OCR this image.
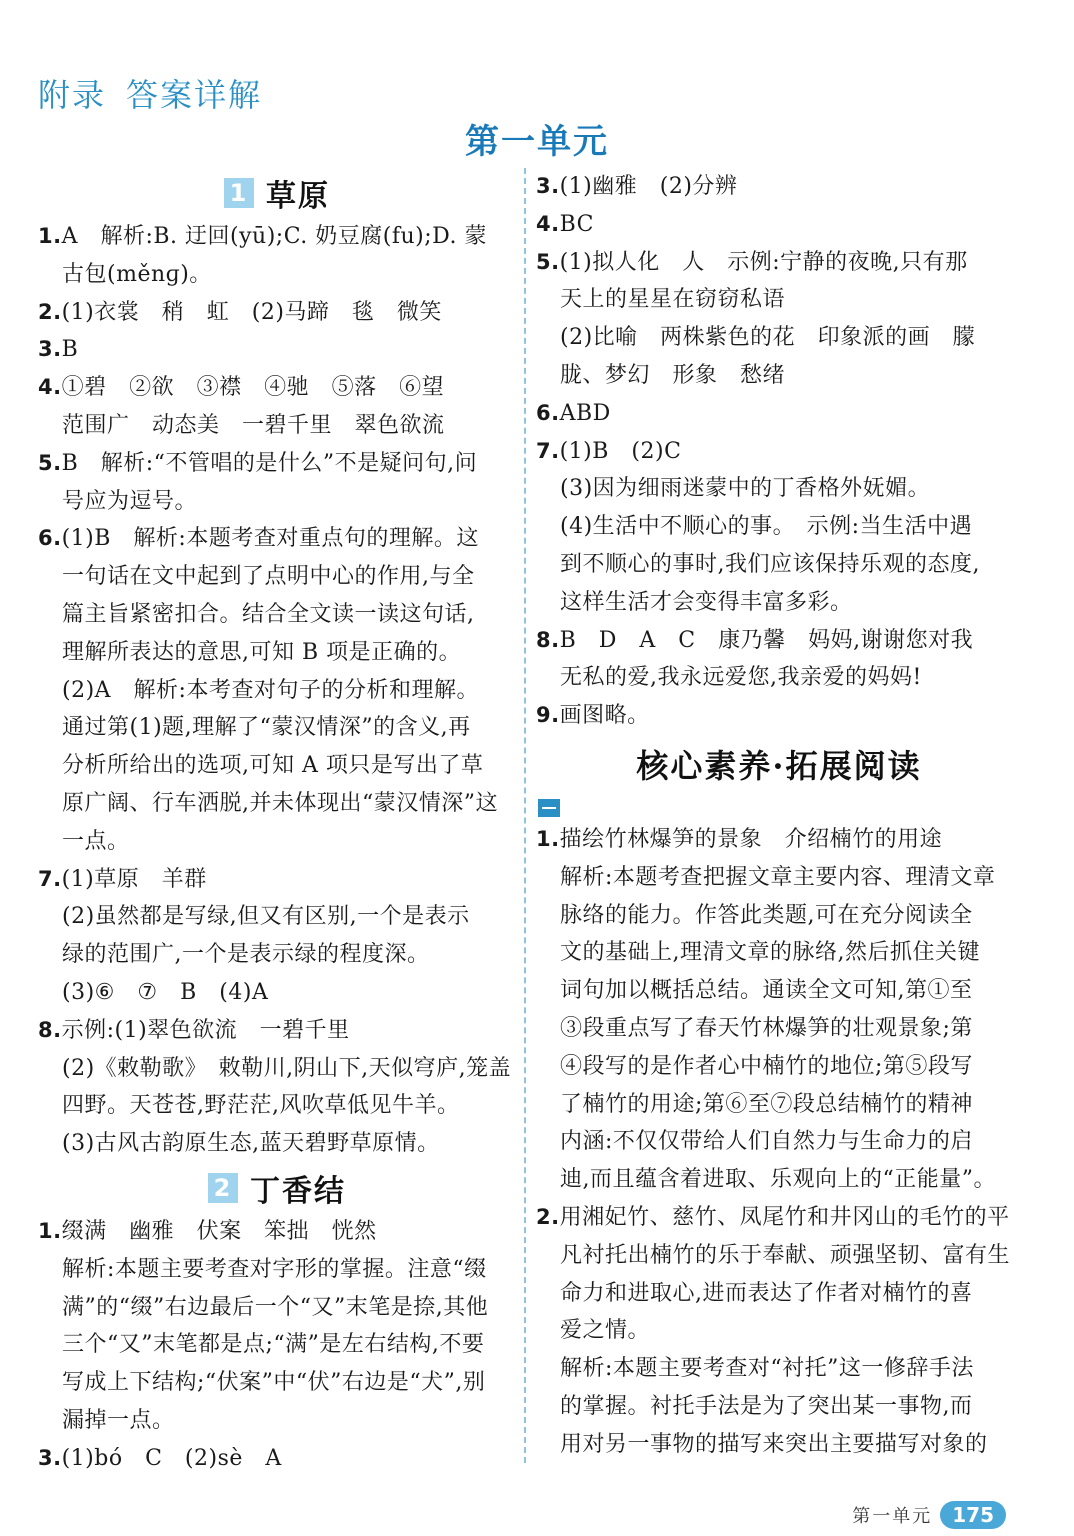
附录 答案详解
第一单元
1 草原
1.A　解析:B. 迂回(yū);C. 奶豆腐(fu);D. 蒙
古包(měnɡ)。
2.(1)衣裳　稍　虹　(2)马蹄　毯　微笑
3.B
4.①碧　②欲　③襟　④驰　⑤落　⑥望
范围广　动态美　一碧千里　翠色欲流
5.B　解析:“不管唱的是什么”不是疑问句,问
号应为逗号。
6.(1)B　解析:本题考查对重点句的理解。这
一句话在文中起到了点明中心的作用,与全
篇主旨紧密扣合。结合全文读一读这句话,
理解所表达的意思,可知 B 项是正确的。
(2)A　解析:本考查对句子的分析和理解。
通过第(1)题,理解了“蒙汉情深”的含义,再
分析所给出的选项,可知 A 项只是写出了草
原广阔、行车洒脱,并未体现出“蒙汉情深”这
一点。
7.(1)草原　羊群
(2)虽然都是写绿,但又有区别,一个是表示
绿的范围广,一个是表示绿的程度深。
(3)⑥　⑦　B　(4)A
8.示例:(1)翠色欲流　一碧千里
(2)《敕勒歌》　敕勒川,阴山下,天似穹庐,笼盖
四野。天苍苍,野茫茫,风吹草低见牛羊。
(3)古风古韵原生态,蓝天碧野草原情。
2 丁香结
1.缀满　幽雅　伏案　笨拙　恍然
解析:本题主要考查对字形的掌握。注意“缀
满”的“缀”右边最后一个“又”末笔是捺,其他
三个“又”末笔都是点;“满”是左右结构,不要
写成上下结构;“伏案”中“伏”右边是“犬”,别
漏掉一点。
3.(1)bó　C　(2)sè　A
3.(1)幽雅　(2)分辨
4.BC
5.(1)拟人化　人　示例:宁静的夜晚,只有那
天上的星星在窃窃私语
(2)比喻　两株紫色的花　印象派的画　朦
胧、梦幻　形象　愁绪
6.ABD
7.(1)B　(2)C
(3)因为细雨迷蒙中的丁香格外妩媚。
(4)生活中不顺心的事。　示例:当生活中遇
到不顺心的事时,我们应该保持乐观的态度,
这样生活才会变得丰富多彩。
8.B　D　A　C　康乃馨　妈妈,谢谢您对我
无私的爱,我永远爱您,我亲爱的妈妈!
9.画图略。
核心素养·拓展阅读
1.描绘竹林爆笋的景象　介绍楠竹的用途
解析:本题考查把握文章主要内容、理清文章
脉络的能力。作答此类题,可在充分阅读全
文的基础上,理清文章的脉络,然后抓住关键
词句加以概括总结。通读全文可知,第①至
③段重点写了春天竹林爆笋的壮观景象;第
④段写的是作者心中楠竹的地位;第⑤段写
了楠竹的用途;第⑥至⑦段总结楠竹的精神
内涵:不仅仅带给人们自然力与生命力的启
迪,而且蕴含着进取、乐观向上的“正能量”。
2.用湘妃竹、慈竹、凤尾竹和井冈山的毛竹的平
凡衬托出楠竹的乐于奉献、顽强坚韧、富有生
命力和进取心,进而表达了作者对楠竹的喜
爱之情。
解析:本题主要考查对“衬托”这一修辞手法
的掌握。衬托手法是为了突出某一事物,而
用对另一事物的描写来突出主要描写对象的
第一单元	175
